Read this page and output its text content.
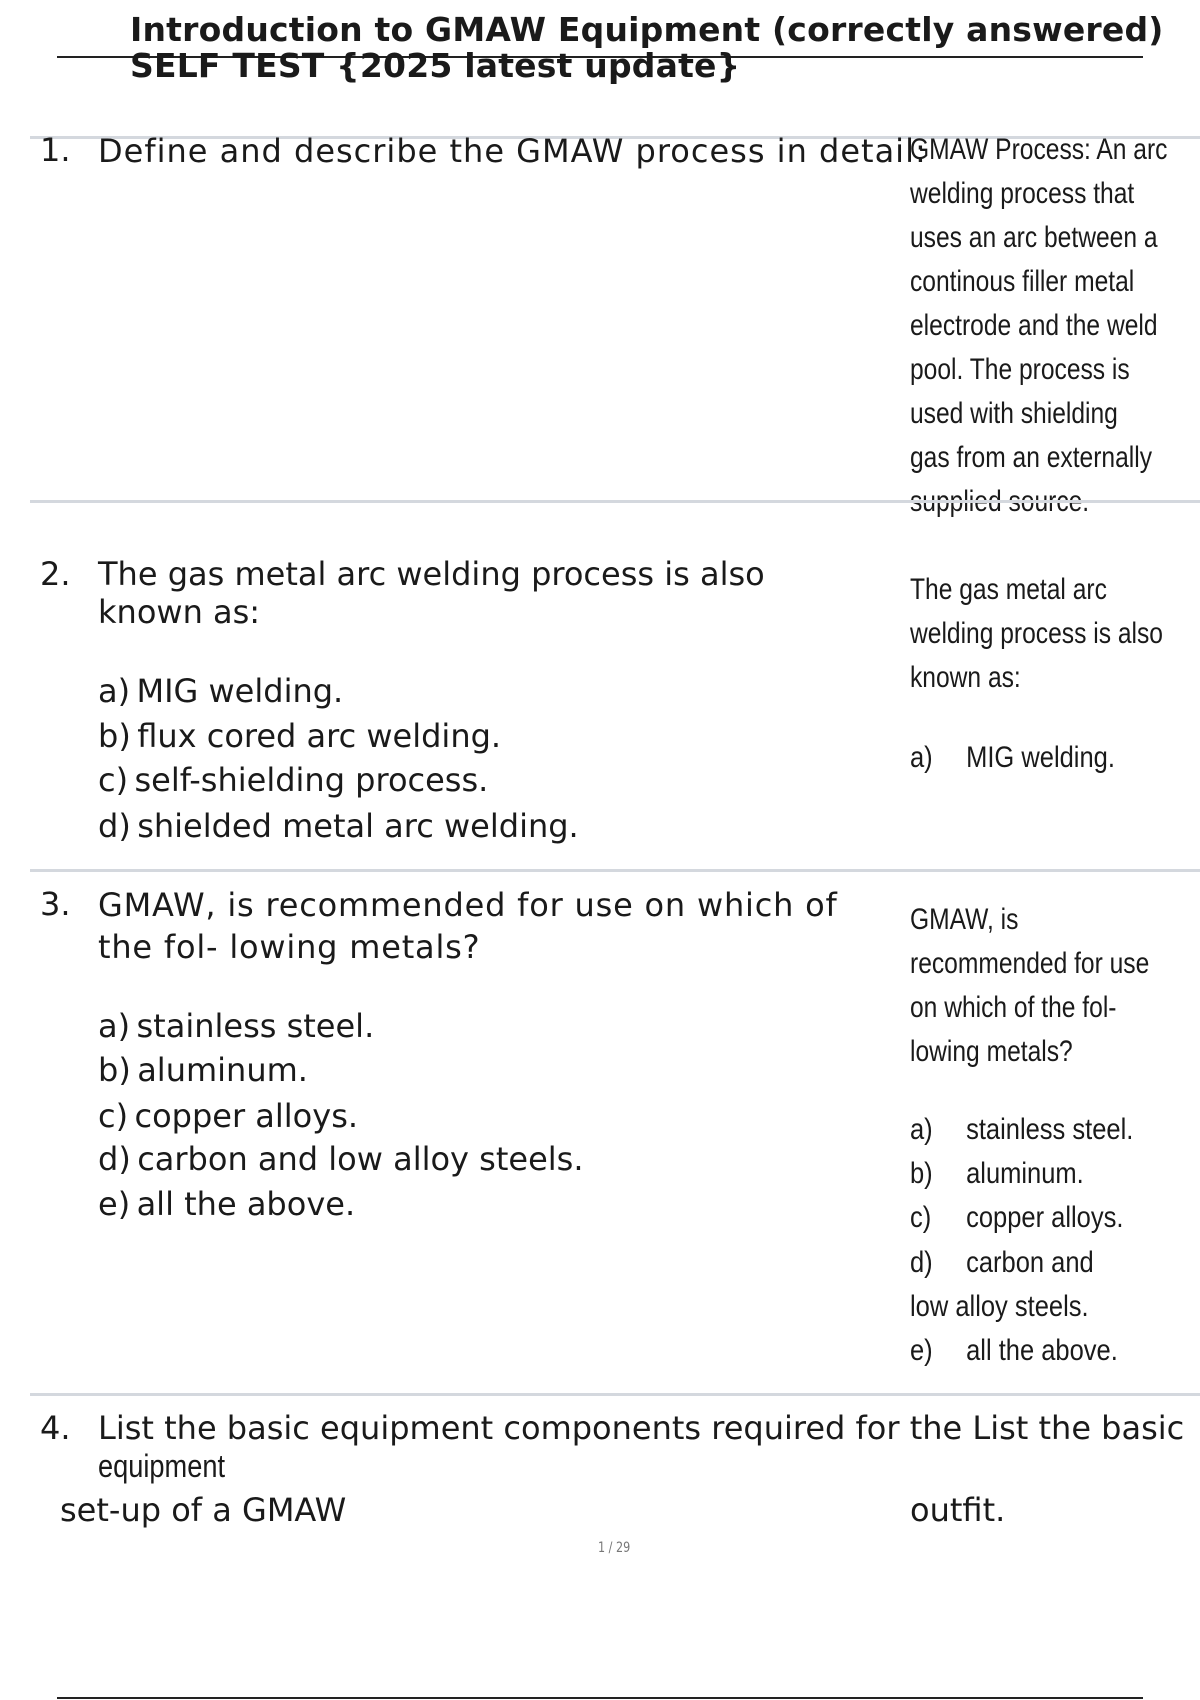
Introduction to GMAW Equipment (correctly answered)
SELF TEST {2025 latest update}
1. Define and describe the GMAW process in detail:
GMAW Process: An arc
welding process that
uses an arc between a
continous filler metal
electrode and the weld
pool. The process is
used with shielding
gas from an externally
supplied source.
2. The gas metal arc welding process is also
known as:
a) MIG welding.
b) flux cored arc welding.
c) self-shielding process.
d) shielded metal arc welding.
The gas metal arc
welding process is also
known as:
a) MIG welding.
3. GMAW, is recommended for use on which of
the fol- lowing metals?
a) stainless steel.
b) aluminum.
c) copper alloys.
d) carbon and low alloy steels.
e) all the above.
GMAW, is
recommended for use
on which of the fol-
lowing metals?
a) stainless steel.
b) aluminum.
c) copper alloys.
d) carbon and
low alloy steels.
e) all the above.
4. List the basic equipment components required for the List the basic
equipment
set-up of a GMAW	outfit.
1 / 29
